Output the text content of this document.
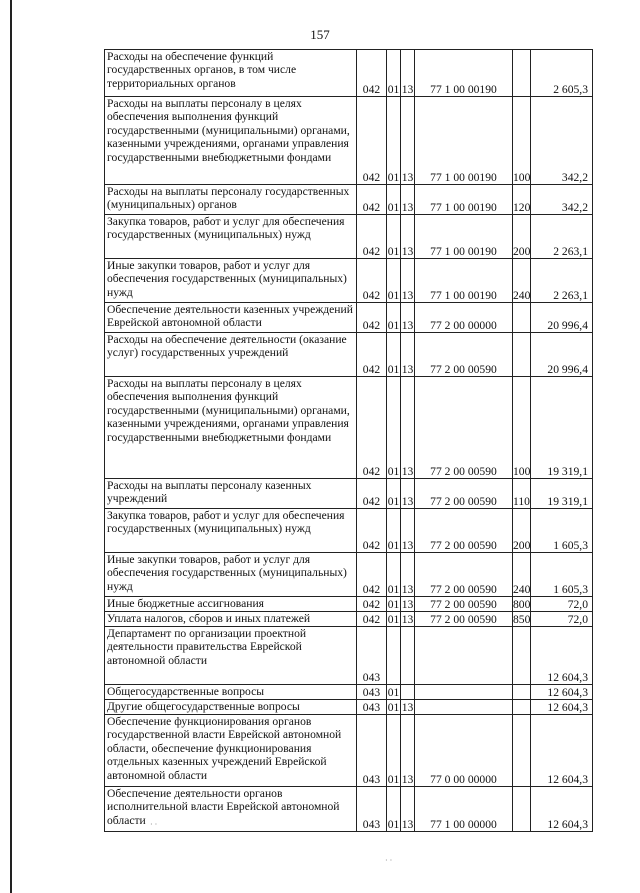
157
Расходы на обеспечение функций государственных органов, в том числе территориальных органов	042	01	13	77 1 00 00190		2 605,3
Расходы на выплаты персоналу в целях обеспечения выполнения функций государственными (муниципальными) органами, казенными учреждениями, органами управления государственными внебюджетными фондами	042	01	13	77 1 00 00190	100	342,2
Расходы на выплаты персоналу государственных (муниципальных) органов	042	01	13	77 1 00 00190	120	342,2
Закупка товаров, работ и услуг для обеспечения государственных (муниципальных) нужд	042	01	13	77 1 00 00190	200	2 263,1
Иные закупки товаров, работ и услуг для обеспечения государственных (муниципальных) нужд	042	01	13	77 1 00 00190	240	2 263,1
Обеспечение деятельности казенных учреждений Еврейской автономной области	042	01	13	77 2 00 00000		20 996,4
Расходы на обеспечение деятельности (оказание услуг) государственных учреждений	042	01	13	77 2 00 00590		20 996,4
Расходы на выплаты персоналу в целях обеспечения выполнения функций государственными (муниципальными) органами, казенными учреждениями, органами управления государственными внебюджетными фондами	042	01	13	77 2 00 00590	100	19 319,1
Расходы на выплаты персоналу казенных учреждений	042	01	13	77 2 00 00590	110	19 319,1
Закупка товаров, работ и услуг для обеспечения государственных (муниципальных) нужд	042	01	13	77 2 00 00590	200	1 605,3
Иные закупки товаров, работ и услуг для обеспечения государственных (муниципальных) нужд	042	01	13	77 2 00 00590	240	1 605,3
Иные бюджетные ассигнования	042	01	13	77 2 00 00590	800	72,0
Уплата налогов, сборов и иных платежей	042	01	13	77 2 00 00590	850	72,0
Департамент по организации проектной деятельности правительства Еврейской автономной области	043					12 604,3
Общегосударственные вопросы	043	01				12 604,3
Другие общегосударственные вопросы	043	01	13			12 604,3
Обеспечение функционирования органов государственной власти Еврейской автономной области, обеспечение функционирования отдельных казенных учреждений Еврейской автономной области	043	01	13	77 0 00 00000		12 604,3
Обеспечение деятельности органов исполнительной власти Еврейской автономной области	043	01	13	77 1 00 00000		12 604,3
· ·
· ·
